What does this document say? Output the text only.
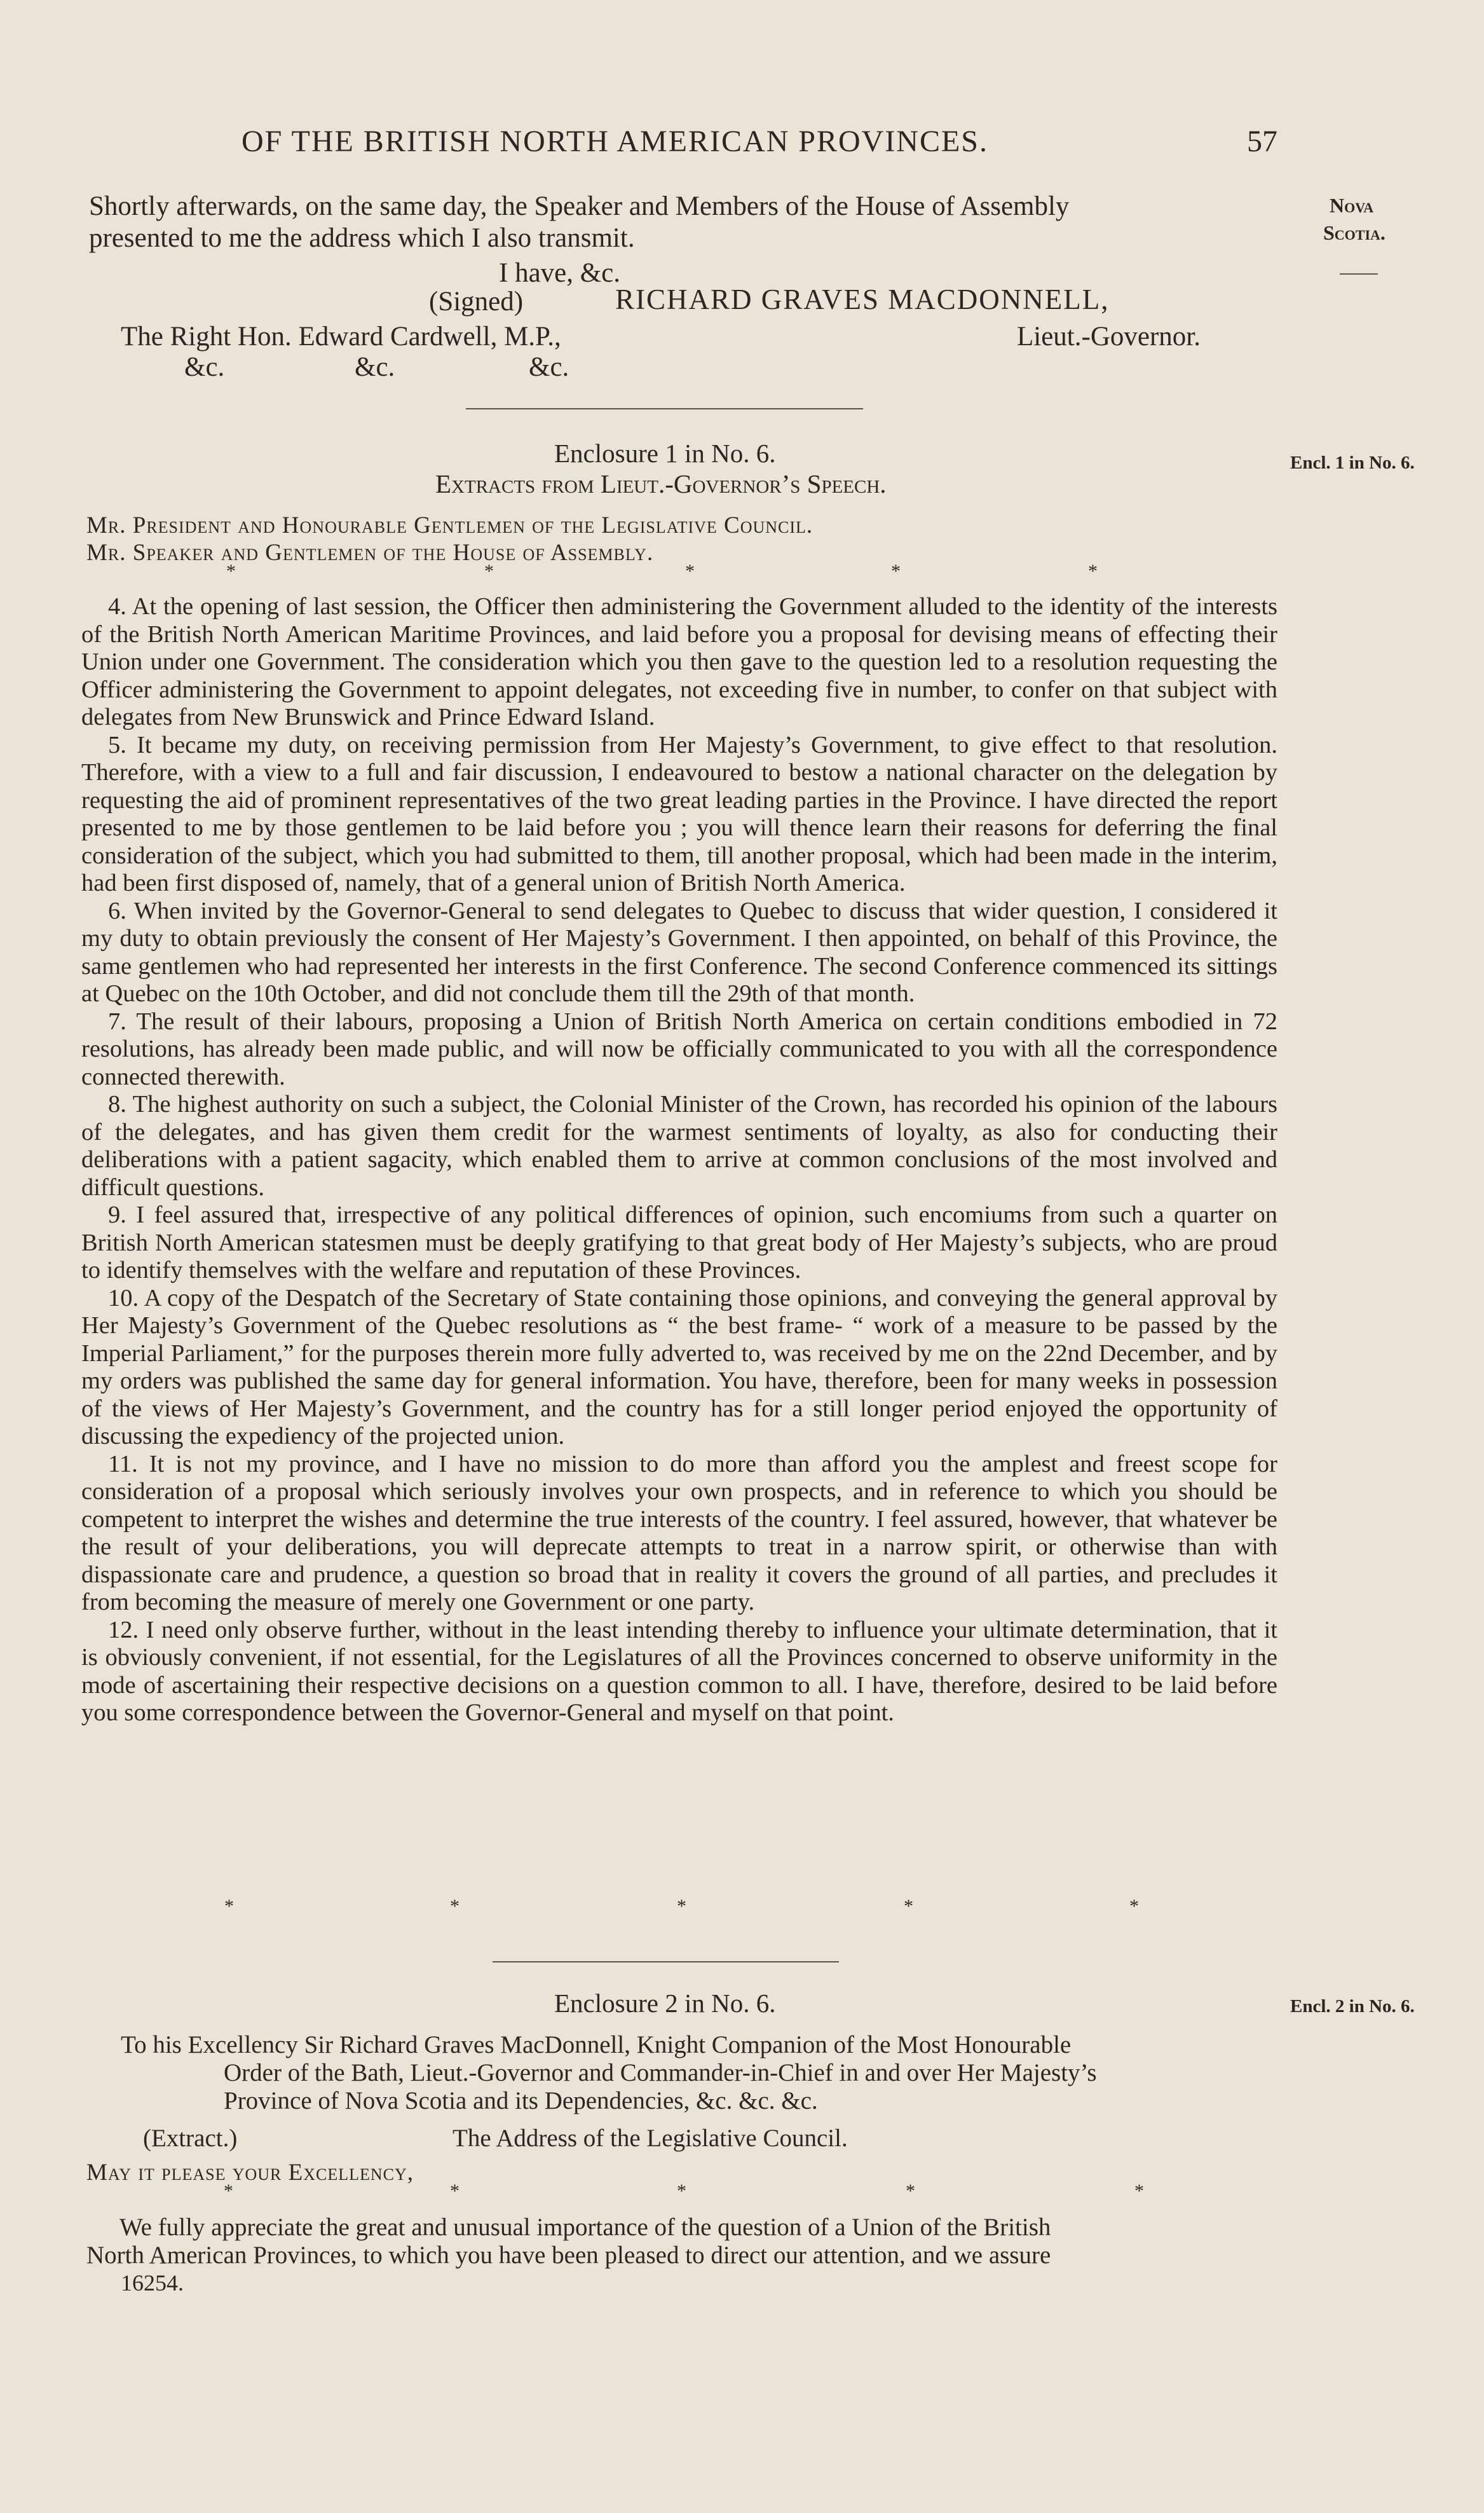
OF THE BRITISH NORTH AMERICAN PROVINCES.	57
Nova
Scotia.
Encl. 1 in No. 6.
Encl. 2 in No. 6.
Shortly afterwards, on the same day, the Speaker and Members of the House of Assembly
presented to me the address which I also transmit.
I have, &c.
(Signed)	RICHARD GRAVES MACDONNELL,
The Right Hon. Edward Cardwell, M.P.,	Lieut.-Governor.
&c.	&c.	&c.
Enclosure 1 in No. 6.
Extracts from Lieut.-Governor’s Speech.
Mr. President and Honourable Gentlemen of the Legislative Council.
Mr. Speaker and Gentlemen of the House of Assembly.
*	*	*	*	*

4. At the opening of last session, the Officer then administering the Government alluded to the identity of the interests of the British North American Maritime Provinces, and laid before you a proposal for devising means of effecting their Union under one Government. The consideration which you then gave to the question led to a resolution requesting the Officer administering the Government to appoint delegates, not exceeding five in number, to confer on that subject with delegates from New Brunswick and Prince Edward Island.

5. It became my duty, on receiving permission from Her Majesty’s Government, to give effect to that resolution. Therefore, with a view to a full and fair discussion, I endeavoured to bestow a national character on the delegation by requesting the aid of prominent representatives of the two great leading parties in the Province. I have directed the report presented to me by those gentlemen to be laid before you ; you will thence learn their reasons for deferring the final consideration of the subject, which you had submitted to them, till another proposal, which had been made in the interim, had been first disposed of, namely, that of a general union of British North America.

6. When invited by the Governor-General to send delegates to Quebec to discuss that wider question, I considered it my duty to obtain previously the consent of Her Majesty’s Government. I then appointed, on behalf of this Province, the same gentlemen who had represented her interests in the first Conference. The second Conference commenced its sittings at Quebec on the 10th October, and did not conclude them till the 29th of that month.

7. The result of their labours, proposing a Union of British North America on certain conditions embodied in 72 resolutions, has already been made public, and will now be officially communicated to you with all the correspondence connected therewith.

8. The highest authority on such a subject, the Colonial Minister of the Crown, has recorded his opinion of the labours of the delegates, and has given them credit for the warmest sentiments of loyalty, as also for conducting their deliberations with a patient sagacity, which enabled them to arrive at common conclusions of the most involved and difficult questions.

9. I feel assured that, irrespective of any political differences of opinion, such encomiums from such a quarter on British North American statesmen must be deeply gratifying to that great body of Her Majesty’s subjects, who are proud to identify themselves with the welfare and reputation of these Provinces.

10. A copy of the Despatch of the Secretary of State containing those opinions, and conveying the general approval by Her Majesty’s Government of the Quebec resolutions as “ the best frame- “ work of a measure to be passed by the Imperial Parliament,” for the purposes therein more fully adverted to, was received by me on the 22nd December, and by my orders was published the same day for general information. You have, therefore, been for many weeks in possession of the views of Her Majesty’s Government, and the country has for a still longer period enjoyed the opportunity of discussing the expediency of the projected union.

11. It is not my province, and I have no mission to do more than afford you the amplest and freest scope for consideration of a proposal which seriously involves your own prospects, and in reference to which you should be competent to interpret the wishes and determine the true interests of the country. I feel assured, however, that whatever be the result of your deliberations, you will deprecate attempts to treat in a narrow spirit, or otherwise than with dispassionate care and prudence, a question so broad that in reality it covers the ground of all parties, and precludes it from becoming the measure of merely one Government or one party.

12. I need only observe further, without in the least intending thereby to influence your ultimate determination, that it is obviously convenient, if not essential, for the Legislatures of all the Provinces concerned to observe uniformity in the mode of ascertaining their respective decisions on a question common to all. I have, therefore, desired to be laid before you some correspondence between the Governor-General and myself on that point.

*	*	*	*	*
Enclosure 2 in No. 6.
To his Excellency Sir Richard Graves MacDonnell, Knight Companion of the Most Honourable
Order of the Bath, Lieut.-Governor and Commander-in-Chief in and over Her Majesty’s
Province of Nova Scotia and its Dependencies, &c. &c. &c.
(Extract.)	The Address of the Legislative Council.
May it please your Excellency,
*	*	*	*	*
We fully appreciate the great and unusual importance of the question of a Union of the British
North American Provinces, to which you have been pleased to direct our attention, and we assure
16254.
